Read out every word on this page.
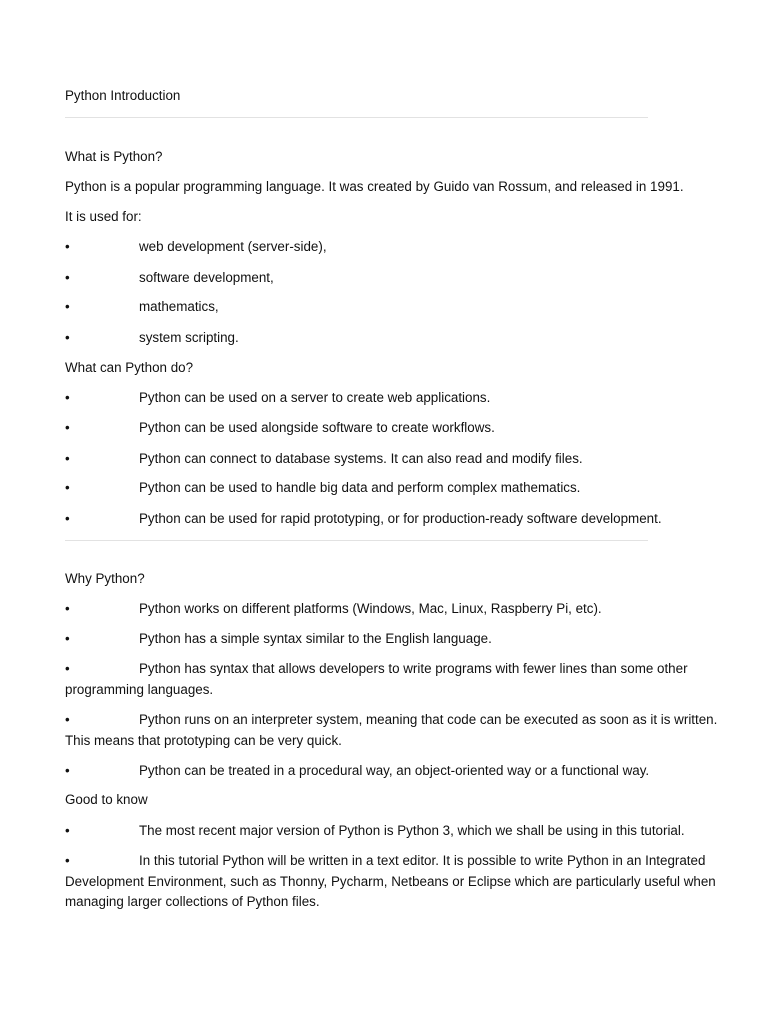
Python Introduction
What is Python?
Python is a popular programming language. It was created by Guido van Rossum, and released in 1991.
It is used for:
•	web development (server-side),
•	software development,
•	mathematics,
•	system scripting.
What can Python do?
•	Python can be used on a server to create web applications.
•	Python can be used alongside software to create workflows.
•	Python can connect to database systems. It can also read and modify files.
•	Python can be used to handle big data and perform complex mathematics.
•	Python can be used for rapid prototyping, or for production-ready software development.
Why Python?
•	Python works on different platforms (Windows, Mac, Linux, Raspberry Pi, etc).
•	Python has a simple syntax similar to the English language.
•	Python has syntax that allows developers to write programs with fewer lines than some other programming languages.
•	Python runs on an interpreter system, meaning that code can be executed as soon as it is written. This means that prototyping can be very quick.
•	Python can be treated in a procedural way, an object-oriented way or a functional way.
Good to know
•	The most recent major version of Python is Python 3, which we shall be using in this tutorial.
•	In this tutorial Python will be written in a text editor. It is possible to write Python in an Integrated Development Environment, such as Thonny, Pycharm, Netbeans or Eclipse which are particularly useful when managing larger collections of Python files.
